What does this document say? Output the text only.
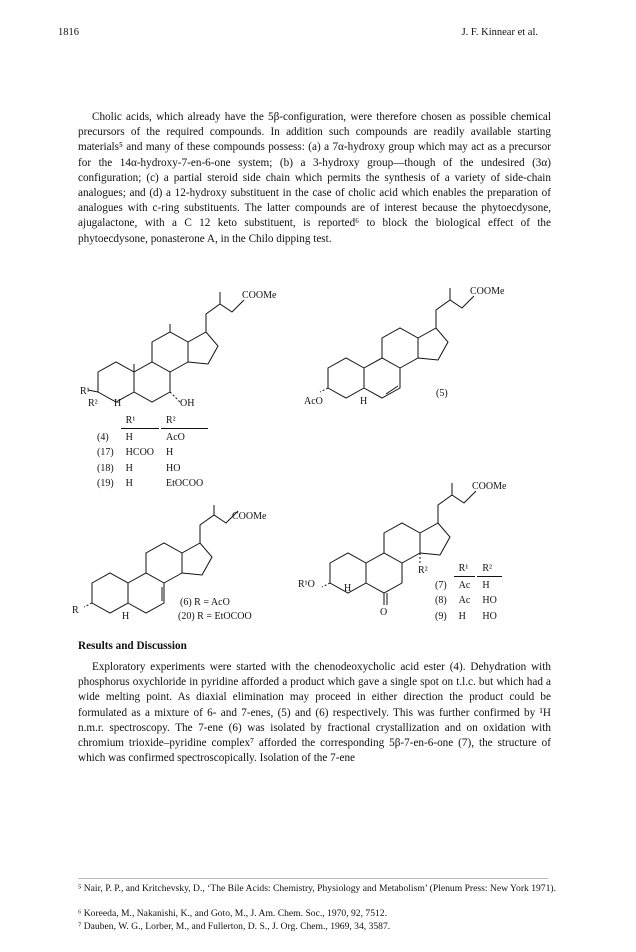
1816	J. F. Kinnear et al.
Cholic acids, which already have the 5β-configuration, were therefore chosen as possible chemical precursors of the required compounds. In addition such compounds are readily available starting materials⁵ and many of these compounds possess: (a) a 7α-hydroxy group which may act as a precursor for the 14α-hydroxy-7-en-6-one system; (b) a 3-hydroxy group—though of the undesired (3α) configuration; (c) a partial steroid side chain which permits the synthesis of a variety of side-chain analogues; and (d) a 12-hydroxy substituent in the case of cholic acid which enables the preparation of analogues with c-ring substituents. The latter compounds are of interest because the phytoecdysone, ajugalactone, with a C 12 keto substituent, is reported⁶ to block the biological effect of the phytoecdysone, ponasterone A, in the Chilo dipping test.
COOMe
R¹
R² H	OH
COOMe
AcO	H
(5)
COOMe
R
H
(6) R = AcO
(20) R = EtOCOO
COOMe
R¹O	H
O
R²
	R¹	R²
(4)	H	AcO
(17)	HCOO	H
(18)	H	HO
(19)	H	EtOCOO
	R¹	R²
(7)	Ac	H
(8)	Ac	HO
(9)	H	HO
Results and Discussion
Exploratory experiments were started with the chenodeoxycholic acid ester (4). Dehydration with phosphorus oxychloride in pyridine afforded a product which gave a single spot on t.l.c. but which had a wide melting point. As diaxial elimination may proceed in either direction the product could be formulated as a mixture of 6- and 7-enes, (5) and (6) respectively. This was further confirmed by ¹H n.m.r. spectroscopy. The 7-ene (6) was isolated by fractional crystallization and on oxidation with chromium trioxide–pyridine complex⁷ afforded the corresponding 5β-7-en-6-one (7), the structure of which was confirmed spectroscopically. Isolation of the 7-ene
⁵ Nair, P. P., and Kritchevsky, D., ‘The Bile Acids: Chemistry, Physiology and Metabolism’ (Plenum Press: New York 1971).
⁶ Koreeda, M., Nakanishi, K., and Goto, M., J. Am. Chem. Soc., 1970, 92, 7512.
⁷ Dauben, W. G., Lorber, M., and Fullerton, D. S., J. Org. Chem., 1969, 34, 3587.
